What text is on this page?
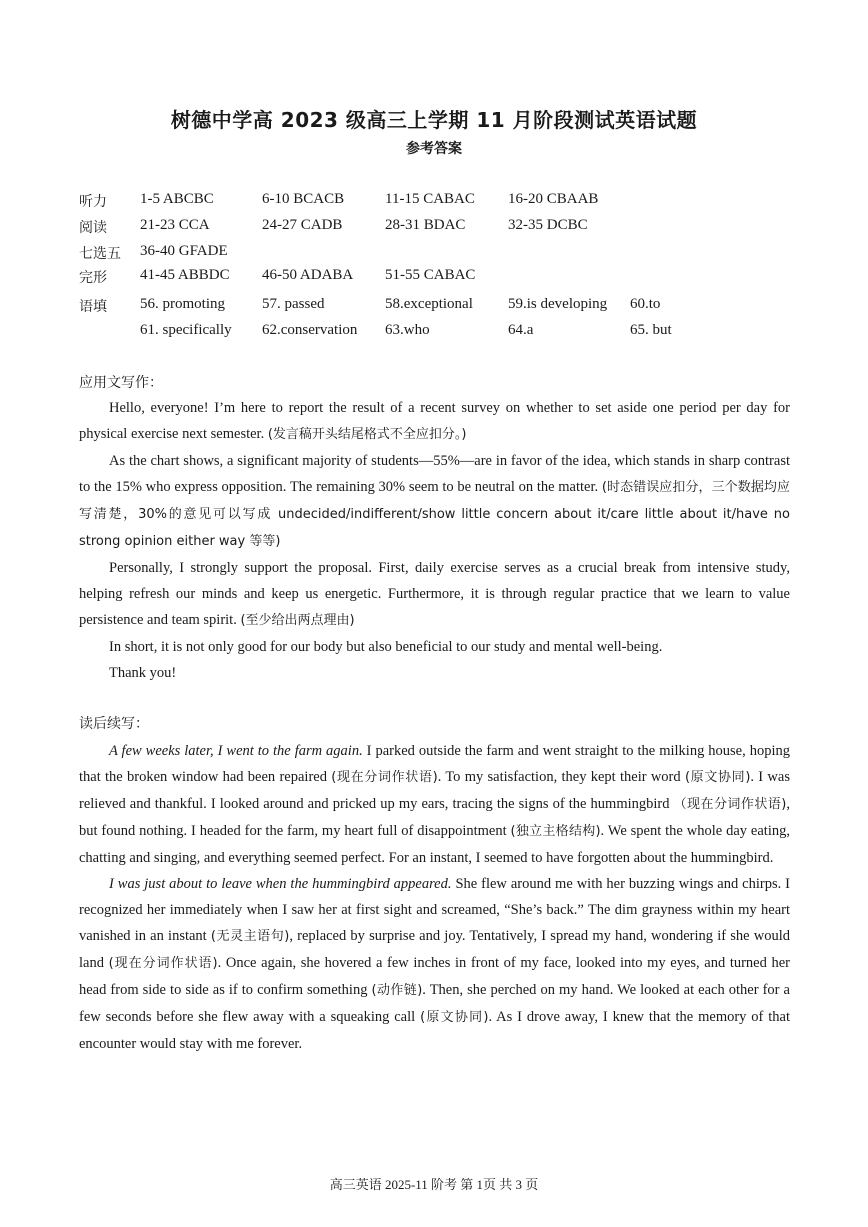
树德中学高 2023 级高三上学期 11 月阶段测试英语试题
参考答案
听力 1-5 ABCBC	6-10 BCACB	11-15 CABAC 16-20 CBAAB
阅读 21-23 CCA	24-27 CADB	28-31 BDAC	32-35 DCBC
七选五 36-40 GFADE
完形 41-45 ABBDC 46-50 ADABA 51-55 CABAC
语填 56. promoting 57. passed	58.exceptional 59.is developing 60.to
61. specifically 62.conservation 63.who	64.a	65. but
应用文写作：

Hello, everyone! I’m here to report the result of a recent survey on whether to set aside one period per day for physical exercise next semester. (发言稿开头结尾格式不全应扣分。)

As the chart shows, a significant majority of students—55%—are in favor of the idea, which stands in sharp contrast to the 15% who express opposition. The remaining 30% seem to be neutral on the matter. (时态错误应扣分，三个数据均应写清楚，30%的意见可以写成 undecided/indifferent/show little concern about it/care little about it/have no strong opinion either way 等等)

Personally, I strongly support the proposal. First, daily exercise serves as a crucial break from intensive study, helping refresh our minds and keep us energetic. Furthermore, it is through regular practice that we learn to value persistence and team spirit. (至少给出两点理由)

In short, it is not only good for our body but also beneficial to our study and mental well-being.

Thank you!

读后续写：

A few weeks later, I went to the farm again. I parked outside the farm and went straight to the milking house, hoping that the broken window had been repaired (现在分词作状语). To my satisfaction, they kept their word (原文协同). I was relieved and thankful. I looked around and pricked up my ears, tracing the signs of the hummingbird （现在分词作状语), but found nothing. I headed for the farm, my heart full of disappointment (独立主格结构). We spent the whole day eating, chatting and singing, and everything seemed perfect. For an instant, I seemed to have forgotten about the hummingbird.

I was just about to leave when the hummingbird appeared. She flew around me with her buzzing wings and chirps. I recognized her immediately when I saw her at first sight and screamed, “She’s back.” The dim grayness within my heart vanished in an instant (无灵主语句), replaced by surprise and joy. Tentatively, I spread my hand, wondering if she would land (现在分词作状语). Once again, she hovered a few inches in front of my face, looked into my eyes, and turned her head from side to side as if to confirm something (动作链). Then, she perched on my hand. We looked at each other for a few seconds before she flew away with a squeaking call (原文协同). As I drove away, I knew that the memory of that encounter would stay with me forever.

高三英语 2025-11 阶考 第 1页 共 3 页
